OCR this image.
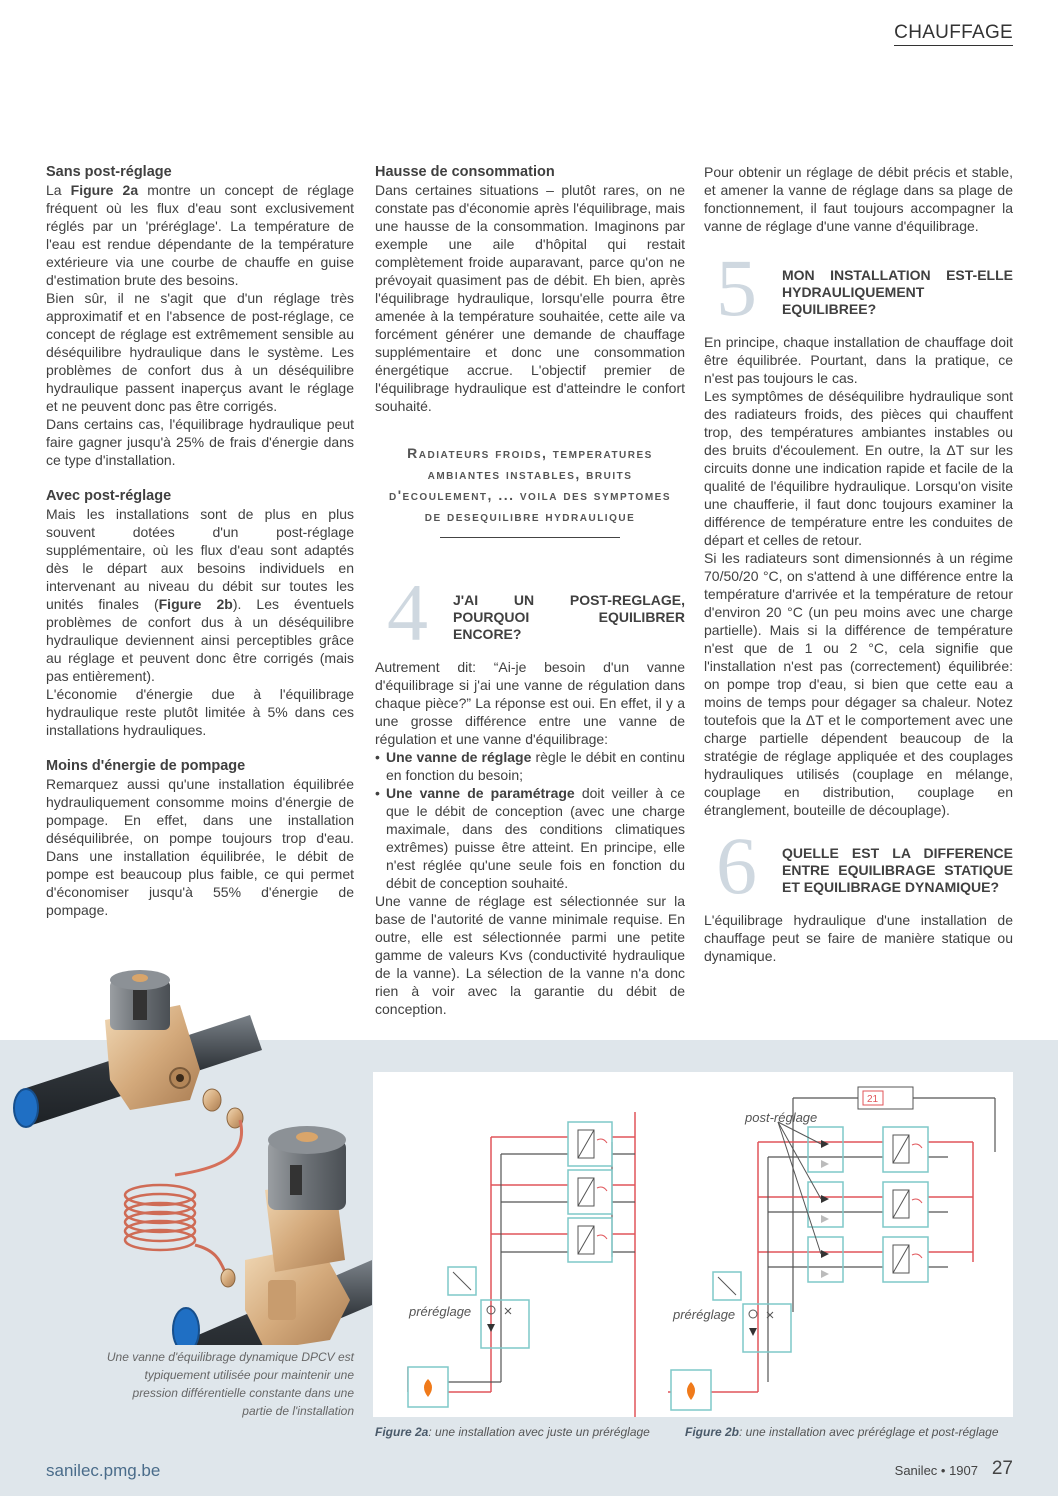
CHAUFFAGE
Sans post-réglage

La Figure 2a montre un concept de réglage fréquent où les flux d'eau sont exclusivement réglés par un 'préréglage'. La température de l'eau est rendue dépendante de la température extérieure via une courbe de chauffe en guise d'estimation brute des besoins.

Bien sûr, il ne s'agit que d'un réglage très approximatif et en l'absence de post-réglage, ce concept de réglage est extrêmement sensible au déséquilibre hydraulique dans le système. Les problèmes de confort dus à un déséquilibre hydraulique passent inaperçus avant le réglage et ne peuvent donc pas être corrigés.

Dans certains cas, l'équilibrage hydraulique peut faire gagner jusqu'à 25% de frais d'énergie dans ce type d'installation.

Avec post-réglage

Mais les installations sont de plus en plus souvent dotées d'un post-réglage supplémentaire, où les flux d'eau sont adaptés dès le départ aux besoins individuels en intervenant au niveau du débit sur toutes les unités finales (Figure 2b). Les éventuels problèmes de confort dus à un déséquilibre hydraulique deviennent ainsi perceptibles grâce au réglage et peuvent donc être corrigés (mais pas entièrement).

L'économie d'énergie due à l'équilibrage hydraulique reste plutôt limitée à 5% dans ces installations hydrauliques.

Moins d'énergie de pompage

Remarquez aussi qu'une installation équilibrée hydrauliquement consomme moins d'énergie de pompage. En effet, dans une installation déséquilibrée, on pompe toujours trop d'eau. Dans une installation équilibrée, le débit de pompe est beaucoup plus faible, ce qui permet d'économiser jusqu'à 55% d'énergie de pompage.

Hausse de consommation

Dans certaines situations – plutôt rares, on ne constate pas d'économie après l'équilibrage, mais une hausse de la consommation. Imaginons par exemple une aile d'hôpital qui restait complètement froide auparavant, parce qu'on ne prévoyait quasiment pas de débit. Eh bien, après l'équilibrage hydraulique, lorsqu'elle pourra être amenée à la température souhaitée, cette aile va forcément générer une demande de chauffage supplémentaire et donc une consommation énergétique accrue. L'objectif premier de l'équilibrage hydraulique est d'atteindre le confort souhaité.

Radiateurs froids, temperatures ambiantes instables, bruits d'ecoulement, ... voila des symptomes de desequilibre hydraulique
4 J'AI UN POST-REGLAGE, POURQUOI EQUILIBRER ENCORE?

Autrement dit: “Ai-je besoin d'un vanne d'équilibrage si j'ai une vanne de régulation dans chaque pièce?” La réponse est oui. En effet, il y a une grosse différence entre une vanne de régulation et une vanne d'équilibrage:

• Une vanne de réglage règle le débit en continu en fonction du besoin;
• Une vanne de paramétrage doit veiller à ce que le débit de conception (avec une charge maximale, dans des conditions climatiques extrêmes) puisse être atteint. En principe, elle n'est réglée qu'une seule fois en fonction du débit de conception souhaité.

Une vanne de réglage est sélectionnée sur la base de l'autorité de vanne minimale requise. En outre, elle est sélectionnée parmi une petite gamme de valeurs Kvs (conductivité hydraulique de la vanne). La sélection de la vanne n'a donc rien à voir avec la garantie du débit de conception.

Pour obtenir un réglage de débit précis et stable, et amener la vanne de réglage dans sa plage de fonctionnement, il faut toujours accompagner la vanne de réglage d'une vanne d'équilibrage.

5 MON INSTALLATION EST-ELLE HYDRAULIQUEMENT EQUILIBREE?

En principe, chaque installation de chauffage doit être équilibrée. Pourtant, dans la pratique, ce n'est pas toujours le cas.

Les symptômes de déséquilibre hydraulique sont des radiateurs froids, des pièces qui chauffent trop, des températures ambiantes instables ou des bruits d'écoulement. En outre, la ΔT sur les circuits donne une indication rapide et facile de la qualité de l'équilibre hydraulique. Lorsqu'on visite une chaufferie, il faut donc toujours examiner la différence de température entre les conduites de départ et celles de retour.

Si les radiateurs sont dimensionnés à un régime 70/50/20 °C, on s'attend à une différence entre la température d'arrivée et la température de retour d'environ 20 °C (un peu moins avec une charge partielle). Mais si la différence de température n'est que de 1 ou 2 °C, cela signifie que l'installation n'est pas (correctement) équilibrée: on pompe trop d'eau, si bien que cette eau a moins de temps pour dégager sa chaleur. Notez toutefois que la ΔT et le comportement avec une charge partielle dépendent beaucoup de la stratégie de réglage appliquée et des couplages hydrauliques utilisés (couplage en mélange, couplage en distribution, couplage en étranglement, bouteille de découplage).

6 QUELLE EST LA DIFFERENCE ENTRE EQUILIBRAGE STATIQUE ET EQUILIBRAGE DYNAMIQUE?

L'équilibrage hydraulique d'une installation de chauffage peut se faire de manière statique ou dynamique.

Une vanne d'équilibrage dynamique DPCV est typiquement utilisée pour maintenir une pression différentielle constante dans une partie de l'installation
préréglage
21
post-réglage
préréglage
Figure 2a: une installation avec juste un préréglage	Figure 2b: une installation avec préréglage et post-réglage
sanilec.pmg.be	Sanilec • 1907 27
